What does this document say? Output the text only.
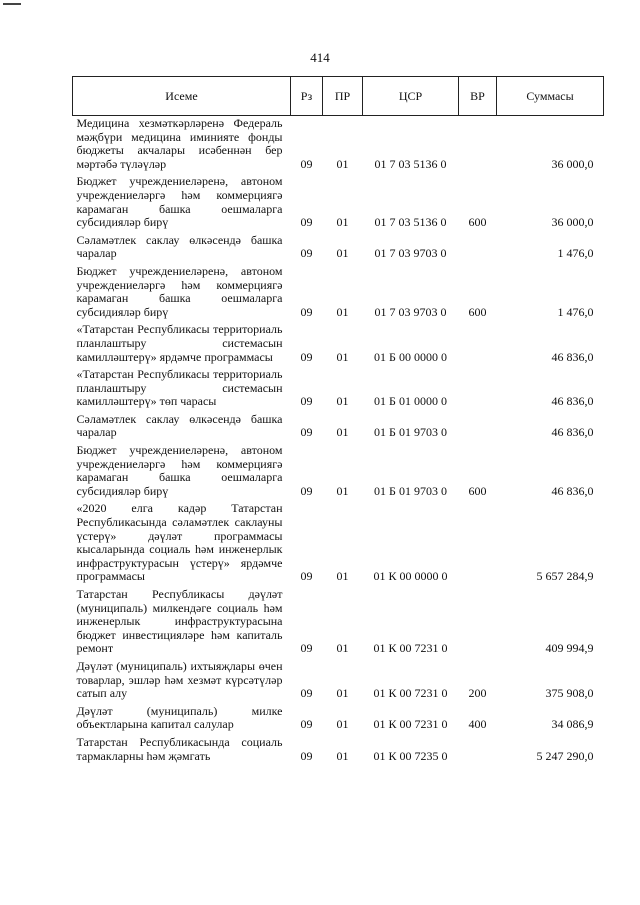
414
Исеме	Рз	ПР	ЦСР	ВР	Суммасы
Медицина хезмәткәрләренә Федераль мәҗбүри медицина иминияте фонды бюджеты акчалары исәбеннән бер мәртәбә түләүләр	09	01	01 7 03 5136 0		36 000,0
Бюджет учреждениеләренә, автоном учреждениеләргә һәм коммерциягә карамаган башка оешмаларга субсидияләр бирү	09	01	01 7 03 5136 0	600	36 000,0
Сәламәтлек саклау өлкәсендә башка чаралар	09	01	01 7 03 9703 0		1 476,0
Бюджет учреждениеләренә, автоном учреждениеләргә һәм коммерциягә карамаган башка оешмаларга субсидияләр бирү	09	01	01 7 03 9703 0	600	1 476,0
«Татарстан Республикасы территориаль планлаштыру системасын камилләштерү» ярдәмче программасы	09	01	01 Б 00 0000 0		46 836,0
«Татарстан Республикасы территориаль планлаштыру системасын камилләштерү» төп чарасы	09	01	01 Б 01 0000 0		46 836,0
Сәламәтлек саклау өлкәсендә башка чаралар	09	01	01 Б 01 9703 0		46 836,0
Бюджет учреждениеләренә, автоном учреждениеләргә һәм коммерциягә карамаган башка оешмаларга субсидияләр бирү	09	01	01 Б 01 9703 0	600	46 836,0
«2020 елга кадәр Татарстан Республикасында сәламәтлек саклауны үстерү» дәүләт программасы кысаларында социаль һәм инженерлык инфраструктурасын үстерү» ярдәмче программасы	09	01	01 К 00 0000 0		5 657 284,9
Татарстан Республикасы дәүләт (муниципаль) милкендәге социаль һәм инженерлык инфраструктурасына бюджет инвестицияләре һәм капиталь ремонт	09	01	01 К 00 7231 0		409 994,9
Дәүләт (муниципаль) ихтыяҗлары өчен товарлар, эшләр һәм хезмәт күрсәтүләр сатып алу	09	01	01 К 00 7231 0	200	375 908,0
Дәүләт (муниципаль) милке объектларына капитал салулар	09	01	01 К 00 7231 0	400	34 086,9
Татарстан Республикасында социаль тармакларны һәм җәмгать	09	01	01 К 00 7235 0		5 247 290,0
